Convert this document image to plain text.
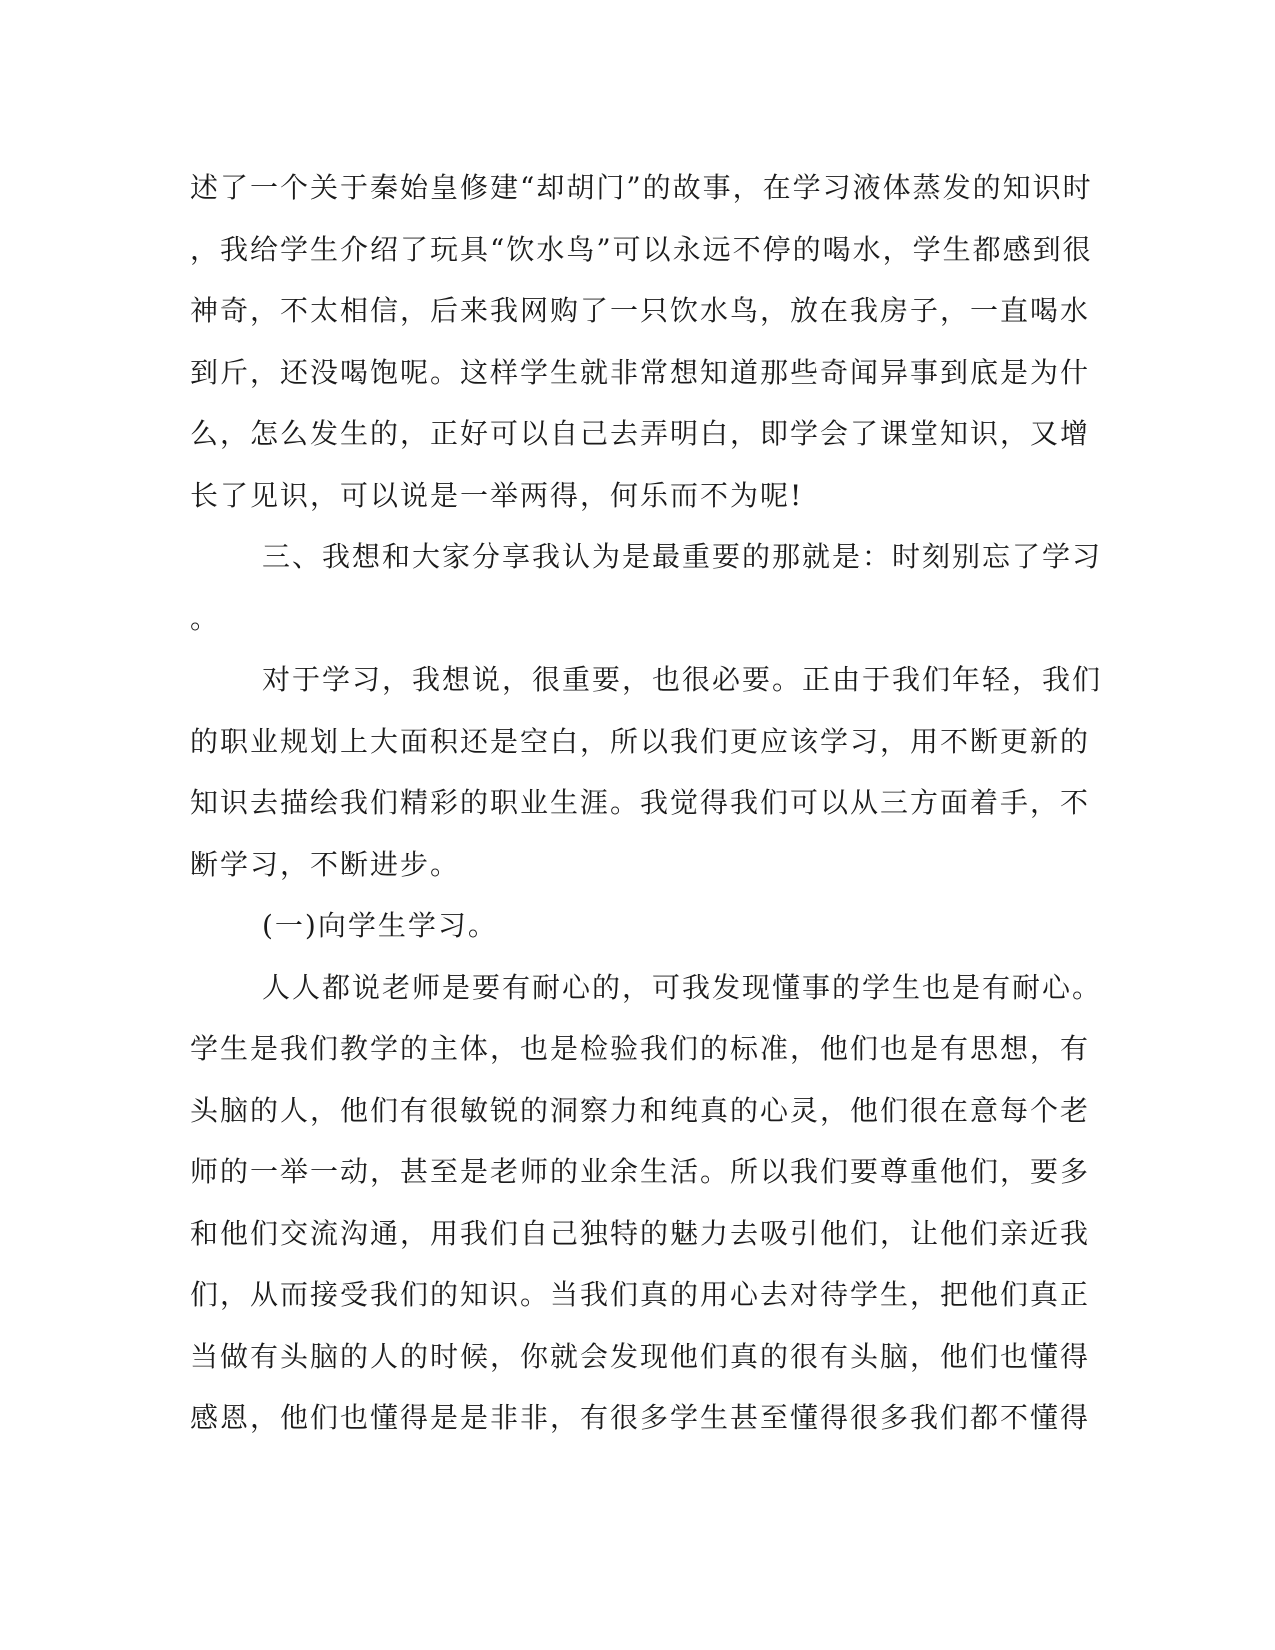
述了一个关于秦始皇修建“却胡门”的故事，在学习液体蒸发的知识时
，我给学生介绍了玩具“饮水鸟”可以永远不停的喝水，学生都感到很
神奇，不太相信，后来我网购了一只饮水鸟，放在我房子，一直喝水
到斤，还没喝饱呢。这样学生就非常想知道那些奇闻异事到底是为什
么，怎么发生的，正好可以自己去弄明白，即学会了课堂知识，又增
长了见识，可以说是一举两得，何乐而不为呢!
三、我想和大家分享我认为是最重要的那就是：时刻别忘了学习
。
对于学习，我想说，很重要，也很必要。正由于我们年轻，我们
的职业规划上大面积还是空白，所以我们更应该学习，用不断更新的
知识去描绘我们精彩的职业生涯。我觉得我们可以从三方面着手，不
断学习，不断进步。
(一)向学生学习。
人人都说老师是要有耐心的，可我发现懂事的学生也是有耐心。
学生是我们教学的主体，也是检验我们的标准，他们也是有思想，有
头脑的人，他们有很敏锐的洞察力和纯真的心灵，他们很在意每个老
师的一举一动，甚至是老师的业余生活。所以我们要尊重他们，要多
和他们交流沟通，用我们自己独特的魅力去吸引他们，让他们亲近我
们，从而接受我们的知识。当我们真的用心去对待学生，把他们真正
当做有头脑的人的时候，你就会发现他们真的很有头脑，他们也懂得
感恩，他们也懂得是是非非，有很多学生甚至懂得很多我们都不懂得
